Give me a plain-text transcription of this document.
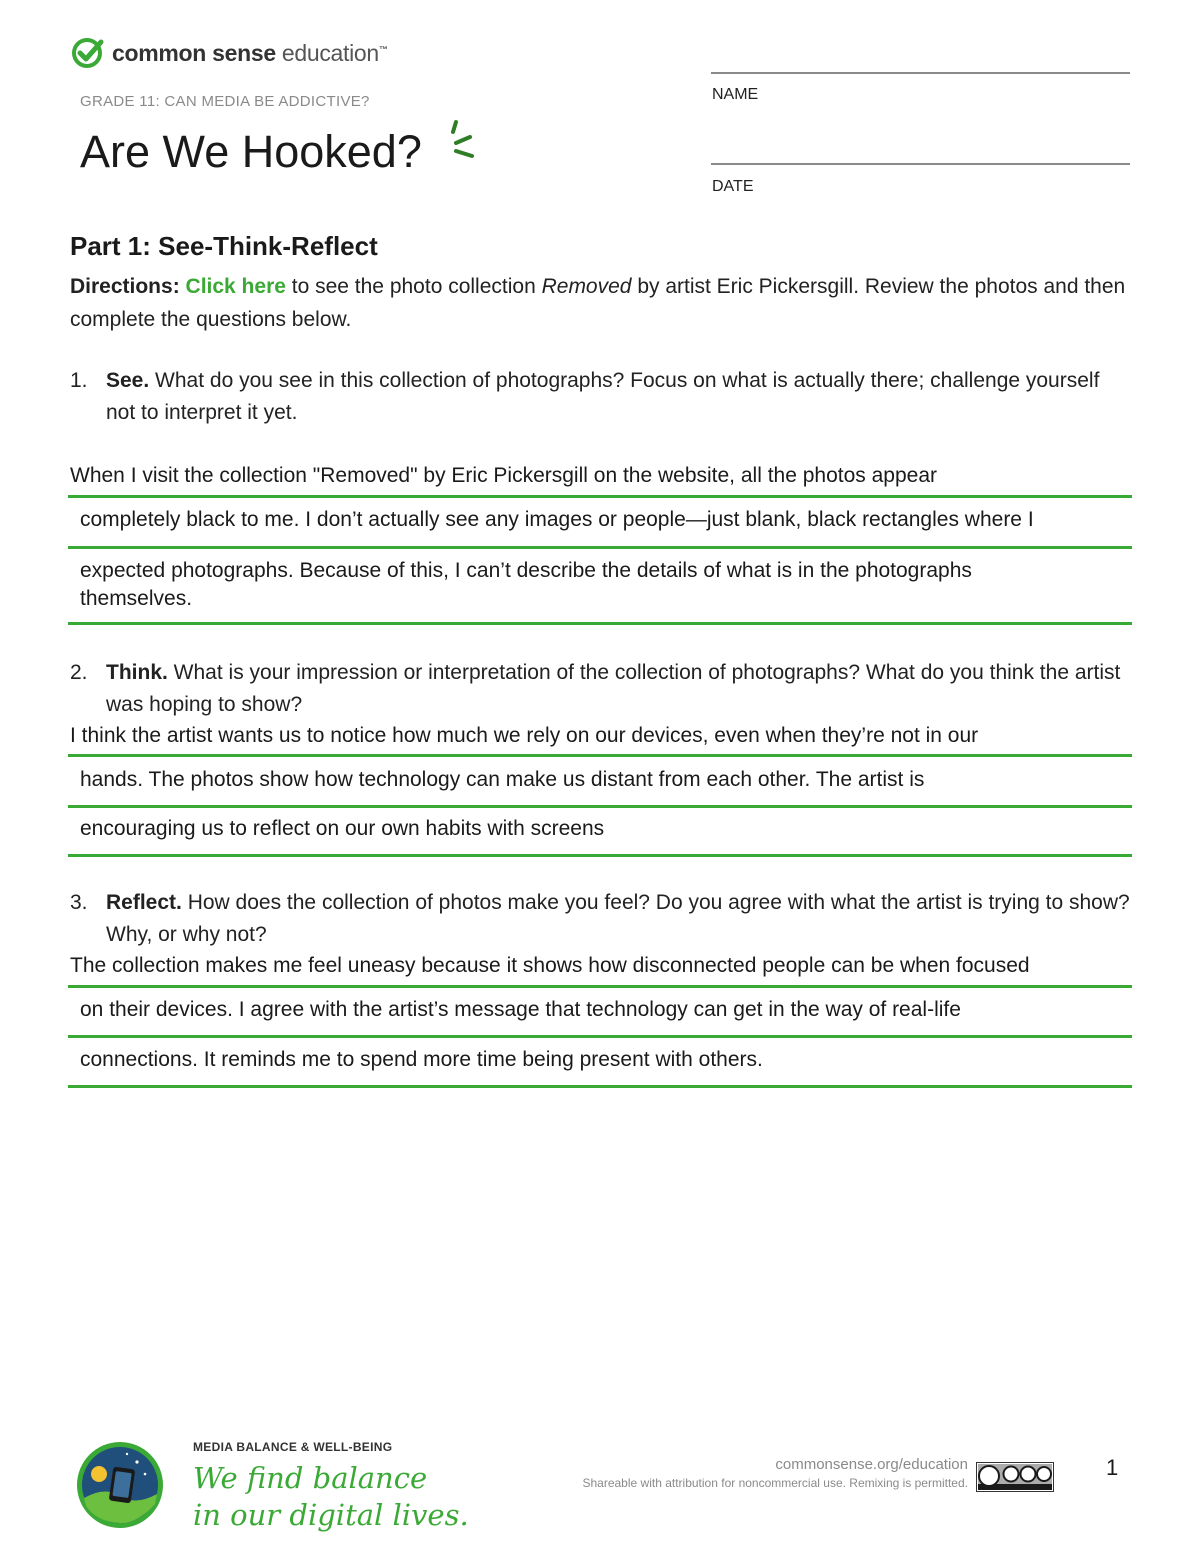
common sense education™
GRADE 11: CAN MEDIA BE ADDICTIVE?
Are We Hooked?
NAME
DATE
Part 1: See-Think-Reflect
Directions: Click here to see the photo collection Removed by artist Eric Pickersgill. Review the photos and then complete the questions below.
1. See. What do you see in this collection of photographs? Focus on what is actually there; challenge yourself not to interpret it yet.
When I visit the collection "Removed" by Eric Pickersgill on the website, all the photos appear
completely black to me. I don’t actually see any images or people—just blank, black rectangles where I
expected photographs. Because of this, I can’t describe the details of what is in the photographs
themselves.
2. Think. What is your impression or interpretation of the collection of photographs? What do you think the artist was hoping to show?
I think the artist wants us to notice how much we rely on our devices, even when they’re not in our
hands. The photos show how technology can make us distant from each other. The artist is
encouraging us to reflect on our own habits with screens
3. Reflect. How does the collection of photos make you feel? Do you agree with what the artist is trying to show? Why, or why not?
The collection makes me feel uneasy because it shows how disconnected people can be when focused
on their devices. I agree with the artist’s message that technology can get in the way of real-life
connections. It reminds me to spend more time being present with others.
MEDIA BALANCE & WELL-BEING
We find balance
in our digital lives.
commonsense.org/education
Shareable with attribution for noncommercial use. Remixing is permitted.
1
